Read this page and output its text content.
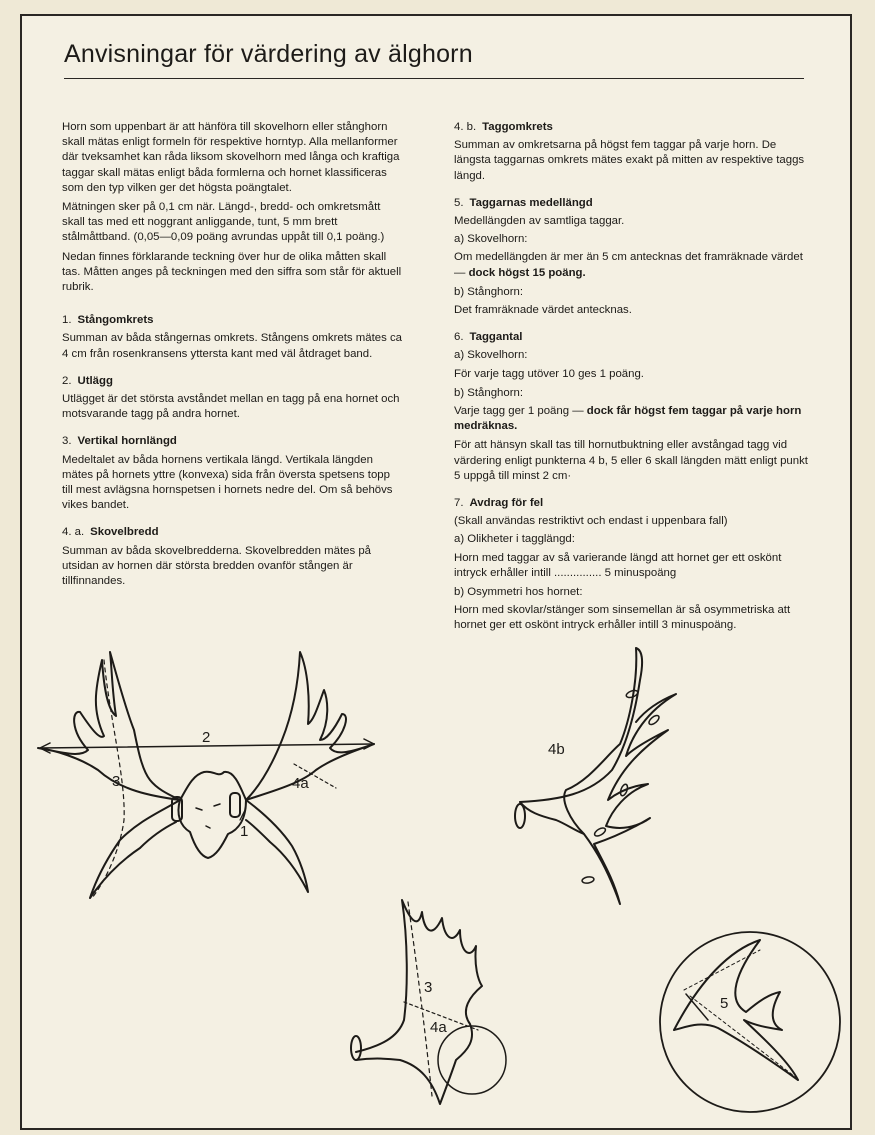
Anvisningar för värdering av älghorn

Horn som uppenbart är att hänföra till skovelhorn eller stånghorn skall mätas enligt formeln för respektive horntyp. Alla mellanformer där tveksamhet kan råda liksom skovelhorn med långa och kraftiga taggar skall mätas enligt båda formlerna och hornet klassificeras som den typ vilken ger det högsta poängtalet.

Mätningen sker på 0,1 cm när. Längd-, bredd- och omkretsmått skall tas med ett noggrant anliggande, tunt, 5 mm brett stålmåttband. (0,05—0,09 poäng avrundas uppåt till 0,1 poäng.)

Nedan finnes förklarande teckning över hur de olika måtten skall tas. Måtten anges på teckningen med den siffra som står för aktuell rubrik.

1. Stångomkrets

Summan av båda stångernas omkrets. Stångens omkrets mätes ca 4 cm från rosenkransens yttersta kant med väl åtdraget band.

2. Utlägg

Utlägget är det största avståndet mellan en tagg på ena hornet och motsvarande tagg på andra hornet.

3. Vertikal hornlängd

Medeltalet av båda hornens vertikala längd. Vertikala längden mätes på hornets yttre (konvexa) sida från översta spetsens topp till mest avlägsna hornspetsen i hornets nedre del. Om så behövs vikes bandet.

4. a. Skovelbredd

Summan av båda skovelbredderna. Skovelbredden mätes på utsidan av hornen där största bredden ovanför stången är tillfinnandes.

4. b. Taggomkrets

Summan av omkretsarna på högst fem taggar på varje horn. De längsta taggarnas omkrets mätes exakt på mitten av respektive taggs längd.

5. Taggarnas medellängd
Medellängden av samtliga taggar.
a) Skovelhorn:

Om medellängden är mer än 5 cm antecknas det framräknade värdet — dock högst 15 poäng.

b) Stånghorn:

Det framräknade värdet antecknas.

6. Taggantal
a) Skovelhorn:

För varje tagg utöver 10 ges 1 poäng.

b) Stånghorn:

Varje tagg ger 1 poäng — dock får högst fem taggar på varje horn medräknas.

För att hänsyn skall tas till hornutbuktning eller avstångad tagg vid värdering enligt punkterna 4 b, 5 eller 6 skall längden mätt enligt punkt 5 uppgå till minst 2 cm·

7. Avdrag för fel
(Skall användas restriktivt och endast i uppenbara fall)
a) Olikheter i tagglängd:

Horn med taggar av så varierande längd att hornet ger ett oskönt intryck erhåller intill ............... 5 minuspoäng

b) Osymmetri hos hornet:

Horn med skovlar/stänger som sinsemellan är så osymmetriska att hornet ger ett oskönt intryck erhåller intill 3 minuspoäng.

2
3	4a
1
4b
3
4a
5
